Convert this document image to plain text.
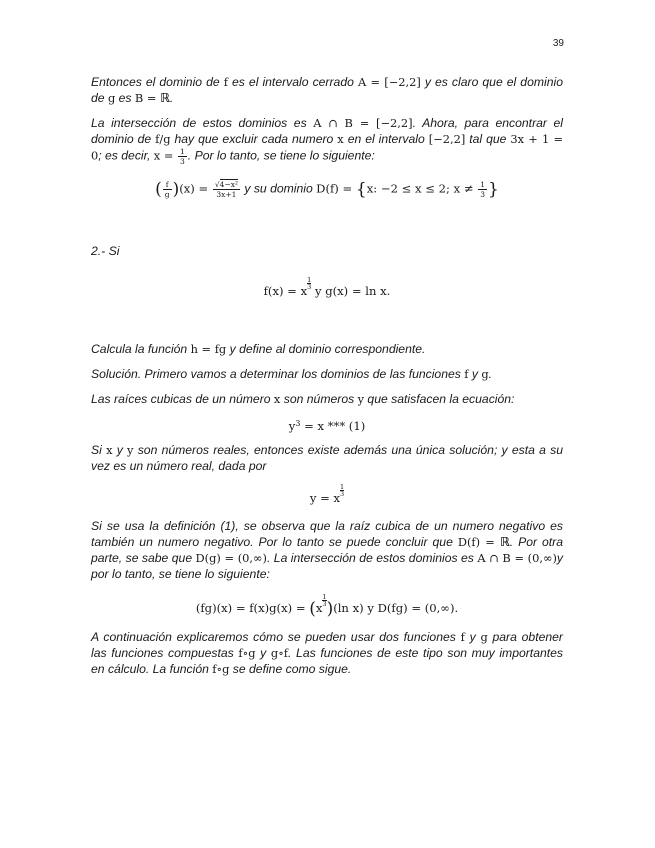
39

Entonces el dominio de f es el intervalo cerrado A = [−2,2] y es claro que el dominio de g es B = ℝ.

La intersección de estos dominios es A ∩ B = [−2,2]. Ahora, para encontrar el dominio de f/g hay que excluir cada numero x en el intervalo [−2,2] tal que 3x + 1 = 0; es decir, $x = \frac{1}{3}$ . Por lo tanto, se tiene lo siguiente:

( $\frac{f}{g} )(x) = \frac{\text{√4−x²}}{3x+1}$ y su dominio D(f) = {x: −2 ≤ x ≤ 2; $x \ne \frac{1}{3}$ }

2.- Si

f(x) = x
$\frac{1}{3}$ y g(x) = ln x.

Calcula la función h = fg y define al dominio correspondiente.

Solución. Primero vamos a determinar los dominios de las funciones f y g.

Las raíces cubicas de un número x son números y que satisfacen la ecuación:

$y^3 = x$ *** (1)

Si x y y son números reales, entonces existe además una única solución; y esta a su vez es un número real, dada por

y = x
$\frac{1}{3}$

Si se usa la definición (1), se observa que la raíz cubica de un numero negativo es también un numero negativo. Por lo tanto se puede concluir que D(f) = ℝ. Por otra parte, se sabe que D(g) = (0,∞). La intersección de estos dominios es A ∩ B = (0,∞)y por lo tanto, se tiene lo siguiente:

(fg)(x) = f(x)g(x) = (x
$\frac{1}{3})(\ln$ x) y D(fg) = (0,∞).

A continuación explicaremos cómo se pueden usar dos funciones f y g para obtener las funciones compuestas f∘g y g∘f. Las funciones de este tipo son muy importantes en cálculo. La función f∘g se define como sigue.
